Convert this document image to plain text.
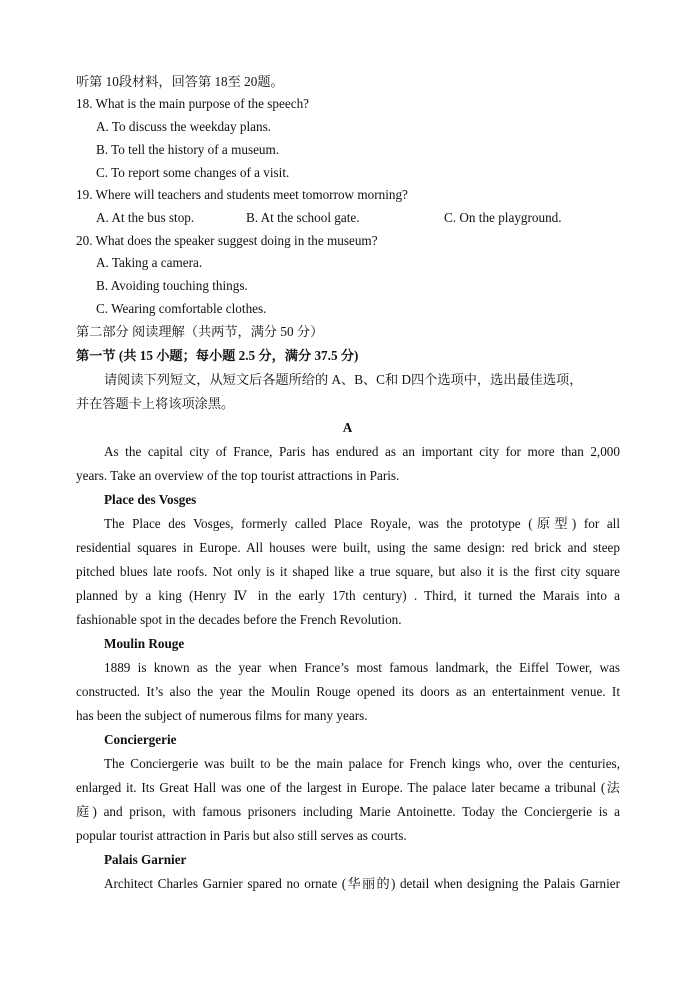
听第 10段材料，回答第 18至 20题。
18. What is the main purpose of the speech?
A. To discuss the weekday plans.
B. To tell the history of a museum.
C. To report some changes of a visit.
19. Where will teachers and students meet tomorrow morning?
A. At the bus stop.	B. At the school gate.	C. On the playground.
20. What does the speaker suggest doing in the museum?
A. Taking a camera.
B. Avoiding touching things.
C. Wearing comfortable clothes.
第二部分 阅读理解（共两节，满分 50 分）
第一节 (共 15 小题；每小题 2.5 分，满分 37.5 分)
请阅读下列短文，从短文后各题所给的 A、B、C和 D四个选项中，选出最佳选项，
并在答题卡上将该项涂黑。
A
As the capital city of France, Paris has endured as an important city for more than 2,000
years. Take an overview of the top tourist attractions in Paris.
Place des Vosges
The Place des Vosges, formerly called Place Royale, was the prototype (原型) for all
residential squares in Europe. All houses were built, using the same design: red brick and steep
pitched blues late roofs. Not only is it shaped like a true square, but also it is the first city square
planned by a king (Henry Ⅳ in the early 17th century) . Third, it turned the Marais into a
fashionable spot in the decades before the French Revolution.
Moulin Rouge
1889 is known as the year when France’s most famous landmark, the Eiffel Tower, was
constructed. It’s also the year the Moulin Rouge opened its doors as an entertainment venue. It
has been the subject of numerous films for many years.
Conciergerie
The Conciergerie was built to be the main palace for French kings who, over the centuries,
enlarged it. Its Great Hall was one of the largest in Europe. The palace later became a tribunal (法
庭) and prison, with famous prisoners including Marie Antoinette. Today the Conciergerie is a
popular tourist attraction in Paris but also still serves as courts.
Palais Garnier
Architect Charles Garnier spared no ornate (华丽的) detail when designing the Palais Garnier
